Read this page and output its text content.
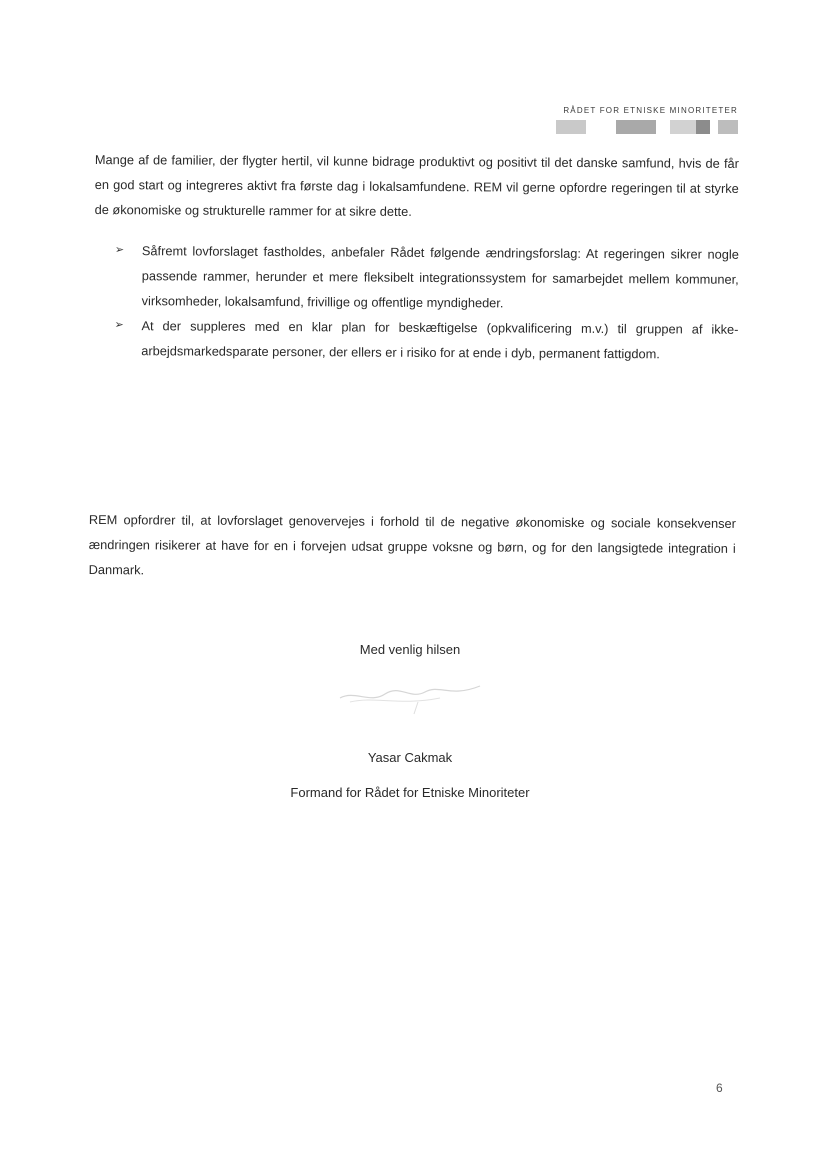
RÅDET FOR ETNISKE MINORITETER

Mange af de familier, der flygter hertil, vil kunne bidrage produktivt og positivt til det danske samfund, hvis de får en god start og integreres aktivt fra første dag i lokalsamfundene. REM vil gerne opfordre regeringen til at styrke de økonomiske og strukturelle rammer for at sikre dette.

➢ Såfremt lovforslaget fastholdes, anbefaler Rådet følgende ændringsforslag: At regeringen sikrer nogle passende rammer, herunder et mere fleksibelt integrationssystem for samarbejdet mellem kommuner, virksomheder, lokalsamfund, frivillige og offentlige myndigheder.
➢ At der suppleres med en klar plan for beskæftigelse (opkvalificering m.v.) til gruppen af ikke-arbejdsmarkedsparate personer, der ellers er i risiko for at ende i dyb, permanent fattigdom.

REM opfordrer til, at lovforslaget genovervejes i forhold til de negative økonomiske og sociale konsekvenser ændringen risikerer at have for en i forvejen udsat gruppe voksne og børn, og for den langsigtede integration i Danmark.

Med venlig hilsen

Yasar Cakmak

Formand for Rådet for Etniske Minoriteter

6
